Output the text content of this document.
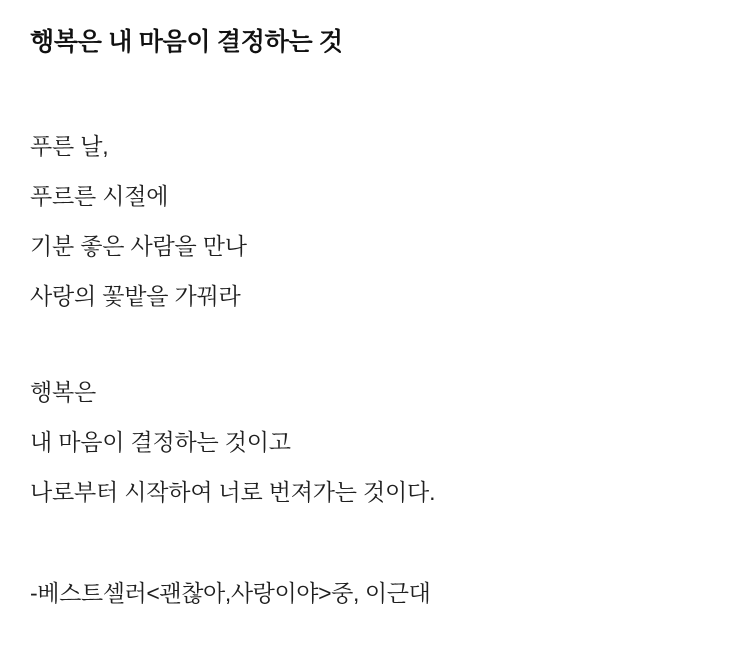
행복은 내 마음이 결정하는 것
푸른 날,
푸르른 시절에
기분 좋은 사람을 만나
사랑의 꽃밭을 가꿔라
행복은
내 마음이 결정하는 것이고
나로부터 시작하여 너로 번져가는 것이다.
-베스트셀러<괜찮아,사랑이야>중, 이근대
